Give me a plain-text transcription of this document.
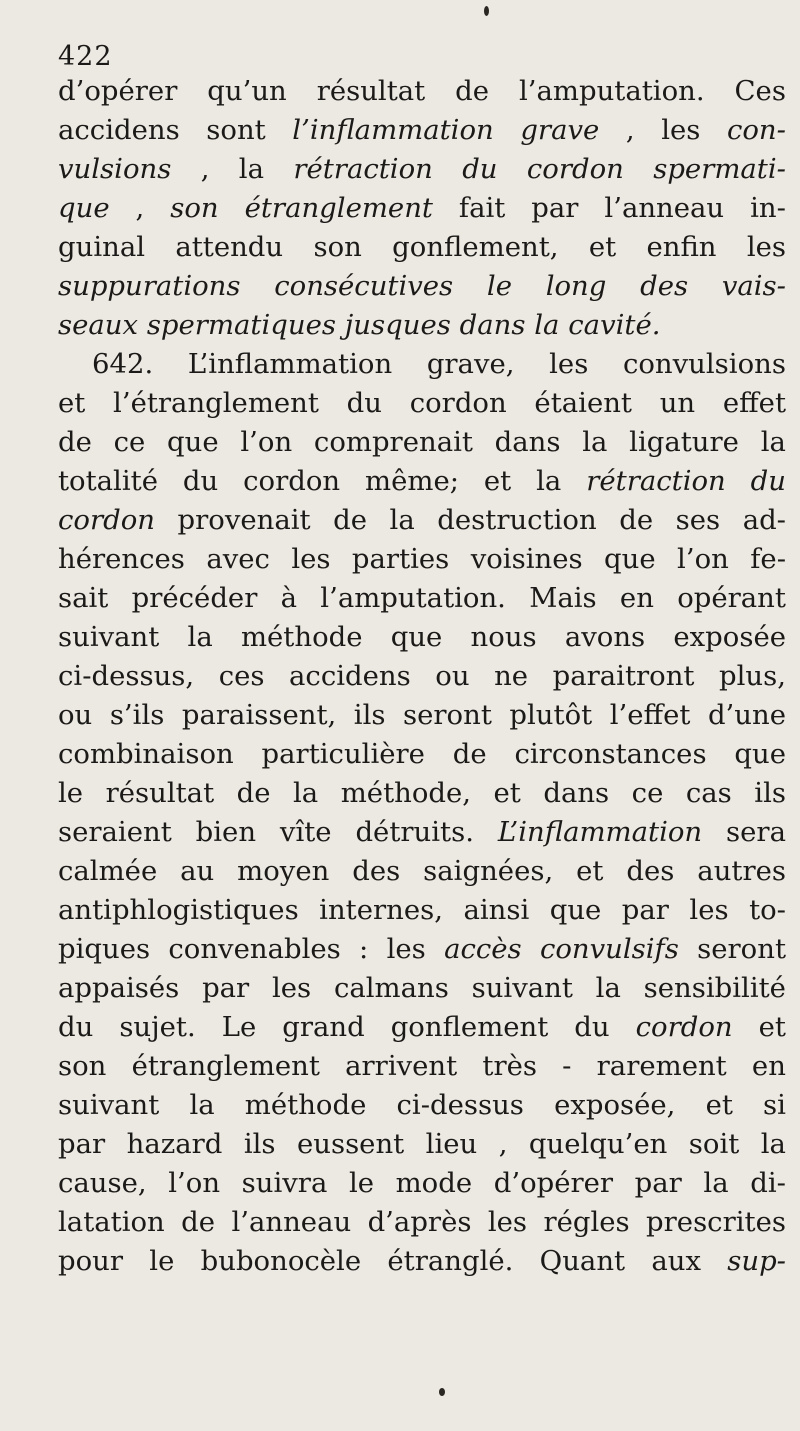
422
d’opérer qu’un résultat de l’amputation. Ces
accidens sont l’inflammation grave , les con-
vulsions , la rétraction du cordon spermati-
que , son étranglement fait par l’anneau in-
guinal attendu son gonflement, et enfin les
suppurations consécutives le long des vais-
seaux spermatiques jusques dans la cavité.
642. L’inflammation grave, les convulsions
et l’étranglement du cordon étaient un effet
de ce que l’on comprenait dans la ligature la
totalité du cordon même; et la rétraction du
cordon provenait de la destruction de ses ad-
hérences avec les parties voisines que l’on fe-
sait précéder à l’amputation. Mais en opérant
suivant la méthode que nous avons exposée
ci-dessus, ces accidens ou ne paraitront plus,
ou s’ils paraissent, ils seront plutôt l’effet d’une
combinaison particulière de circonstances que
le résultat de la méthode, et dans ce cas ils
seraient bien vîte détruits. L’inflammation sera
calmée au moyen des saignées, et des autres
antiphlogistiques internes, ainsi que par les to-
piques convenables : les accès convulsifs seront
appaisés par les calmans suivant la sensibilité
du sujet. Le grand gonflement du cordon et
son étranglement arrivent très - rarement en
suivant la méthode ci-dessus exposée, et si
par hazard ils eussent lieu , quelqu’en soit la
cause, l’on suivra le mode d’opérer par la di-
latation de l’anneau d’après les régles prescrites
pour le bubonocèle étranglé. Quant aux sup-
